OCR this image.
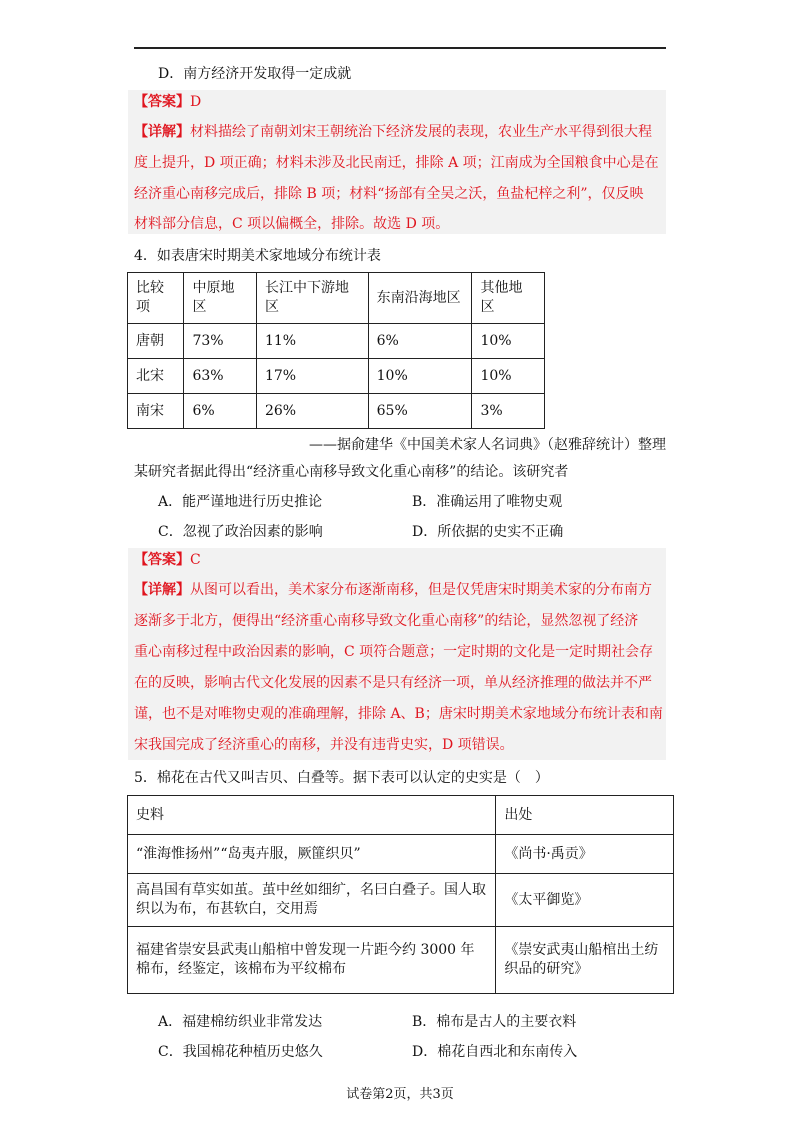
D．南方经济开发取得一定成就
【答案】D
【详解】材料描绘了南朝刘宋王朝统治下经济发展的表现，农业生产水平得到很大程
度上提升，D 项正确；材料未涉及北民南迁，排除 A 项；江南成为全国粮食中心是在
经济重心南移完成后，排除 B 项；材料“扬部有全吴之沃，鱼盐杞梓之利”，仅反映
材料部分信息，C 项以偏概全，排除。故选 D 项。
4．如表唐宋时期美术家地域分布统计表
比较项	中原地区	长江中下游地区	东南沿海地区	其他地区
唐朝	73%	11%	6%	10%
北宋	63%	17%	10%	10%
南宋	6%	26%	65%	3%
——据俞建华《中国美术家人名词典》（赵雅辞统计）整理
某研究者据此得出“经济重心南移导致文化重心南移”的结论。该研究者
A．能严谨地进行历史推论	B．准确运用了唯物史观
C．忽视了政治因素的影响	D．所依据的史实不正确
【答案】C
【详解】从图可以看出，美术家分布逐渐南移，但是仅凭唐宋时期美术家的分布南方
逐渐多于北方，便得出“经济重心南移导致文化重心南移”的结论，显然忽视了经济
重心南移过程中政治因素的影响，C 项符合题意；一定时期的文化是一定时期社会存
在的反映，影响古代文化发展的因素不是只有经济一项，单从经济推理的做法并不严
谨，也不是对唯物史观的准确理解，排除 A、B；唐宋时期美术家地域分布统计表和南
宋我国完成了经济重心的南移，并没有违背史实，D 项错误。
5．棉花在古代又叫吉贝、白叠等。据下表可以认定的史实是（　）
史料	出处
“淮海惟扬州”“岛夷卉服，厥篚织贝”	《尚书·禹贡》
高昌国有草实如茧。茧中丝如细纩，名曰白叠子。国人取织以为布，布甚软白，交用焉	《太平御览》
福建省崇安县武夷山船棺中曾发现一片距今约 3000 年棉布，经鉴定，该棉布为平纹棉布	《崇安武夷山船棺出土纺织品的研究》
A．福建棉纺织业非常发达	B．棉布是古人的主要衣料
C．我国棉花种植历史悠久	D．棉花自西北和东南传入
试卷第2页，共3页
